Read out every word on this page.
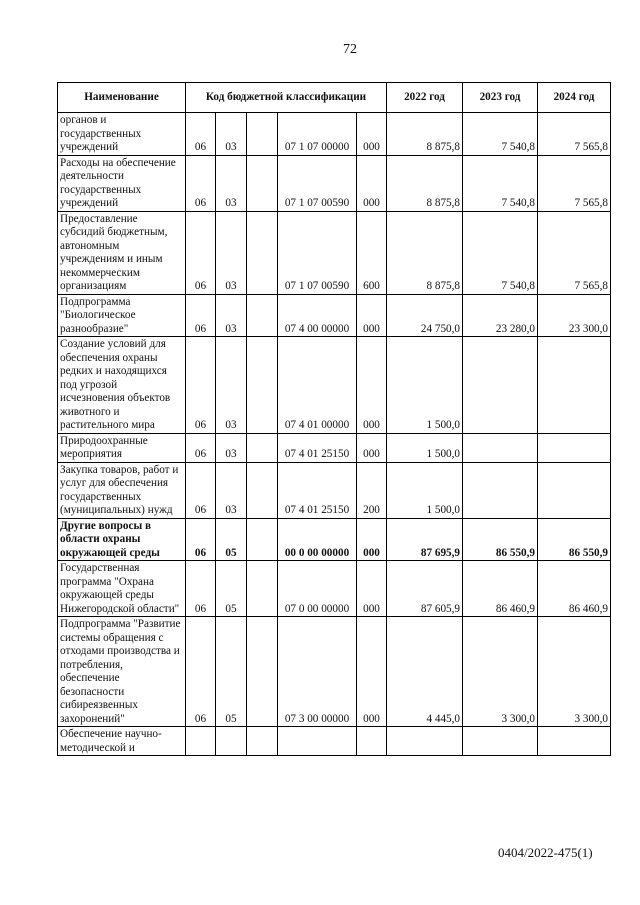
72
Наименование	Код бюджетной классификации					2022 год	2023 год	2024 год
органов и государственных учреждений	06	03		07 1 07 00000	000	8 875,8	7 540,8	7 565,8
Расходы на обеспечение деятельности государственных учреждений	06	03		07 1 07 00590	000	8 875,8	7 540,8	7 565,8
Предоставление субсидий бюджетным, автономным учреждениям и иным некоммерческим организациям	06	03		07 1 07 00590	600	8 875,8	7 540,8	7 565,8
Подпрограмма "Биологическое разнообразие"	06	03		07 4 00 00000	000	24 750,0	23 280,0	23 300,0
Создание условий для обеспечения охраны редких и находящихся под угрозой исчезновения объектов животного и растительного мира	06	03		07 4 01 00000	000	1 500,0		
Природоохранные мероприятия	06	03		07 4 01 25150	000	1 500,0		
Закупка товаров, работ и услуг для обеспечения государственных (муниципальных) нужд	06	03		07 4 01 25150	200	1 500,0		
Другие вопросы в области охраны окружающей среды	06	05		00 0 00 00000	000	87 695,9	86 550,9	86 550,9
Государственная программа "Охрана окружающей среды Нижегородской области"	06	05		07 0 00 00000	000	87 605,9	86 460,9	86 460,9
Подпрограмма "Развитие системы обращения с отходами производства и потребления, обеспечение безопасности сибиреязвенных захоронений"	06	05		07 3 00 00000	000	4 445,0	3 300,0	3 300,0
Обеспечение научно-методической и								
0404/2022-475(1)
